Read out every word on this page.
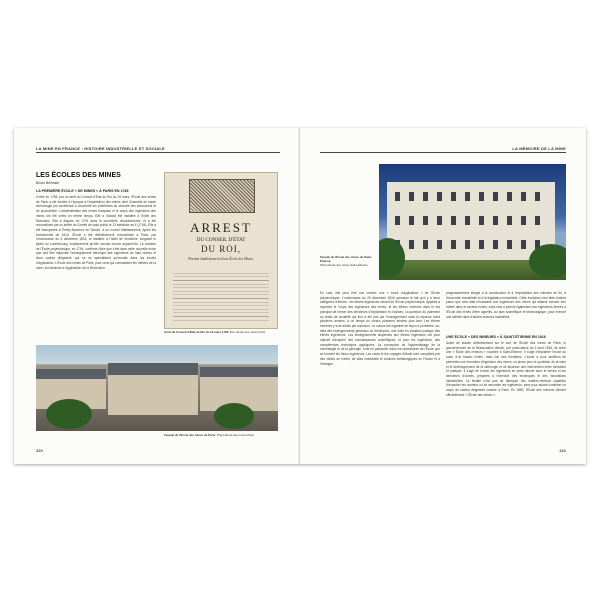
LA MINE EN FRANCE : HISTOIRE INDUSTRIELLE ET SOCIALE
LES ÉCOLES DES MINES
Bruno Belhoste
LA PREMIÈRE ÉCOLE « DE MINES » À PARIS EN 1783
Créée en 1783, par un arrêt du Conseil d'État du Roi du 19 mars, l'École des mines de Paris a été fondée à l'époque à l'exploitation des mines dont l'industrie de haute technologie par excellence a concentré les problèmes du sécurité des personnels et de productivité. L'administration des mines française et le corps des ingénieurs des mines ont été créés en même temps. Elle a d'abord été installée à l'hôtel des Monnaies. Elle a disparu en 1791 dans la tourmente révolutionnaire, et a été reconstituée par un arrêté du Comité de salut public le 13 messidor an II (1794). Elle a été transportée à Pesey-Nancroix en Savoie, à un nouvel établissement. Après les événements de 1814, l'École a été définitivement reconstituée à Paris, par l'ordonnance du 5 décembre 1816, et installée à l'hôtel de Vendôme, longeant le jardin du Luxembourg, emplacement qu'elle occupe encore aujourd'hui. La création de l'École polytechnique, en 1794, confirme l'idée que c'est dans cette nouvelle école que doit être dispensé l'enseignement théorique des ingénieurs de haut niveau et leurs cadres dirigeants, qui ne se spécialisent qu'ensuite dans les écoles d'application. L'École des mines de Paris, pour ceux qui connaissent les métiers de la mine, est destinée à l'application de la Révolution.
ARREST
DU CONSEIL D'ÉTAT
DU ROI,
Portant établissement d'une École des Mines.
Arrêt du Conseil d'État du Roi du 19 mars 1783. Éco. École des mines Paris
Façade de l'École des mines de Paris. Photo École des mines Paris
220
LA MÉMOIRE DE LA MINE
Façade de l'École des mines de Saint-Étienne.
Photo École des mines Saint-Étienne
En cela, elle peut être vue comme une « école d'application » de l'École polytechnique. L'ordonnance du 25 décembre 1816 consacre le fait qu'il y a deux catégories d'élèves : les élèves-ingénieurs venant de l'École polytechnique, appelés à rejoindre le Corps des ingénieurs des mines, et les élèves externes dans le but principal de former des directeurs d'exploitation et d'usines. La question du paiement du droits de scolarité qui leur a été pris par l'enseignement mais la réponse resta plusieurs années, à un temps du cursus plusieurs années plus tard. Les élèves externes y sont admis par concours. Le cursus est organisé de façon à permettre, au-delà des enseignements généraux ou théoriques, une mise en situation pratique des élèves ingénieurs. Les enseignements dispensés aux élèves ingénieurs ont pour objectif d'acquérir des connaissances scientifiques, et pour les ingénieurs, des compétences techniques appliquées. La conception de l'apprentissage de la minéralogie et de la géologie, c'est en particulier dans les laboratoires de l'École que se forment les futurs ingénieurs. Les cours et les voyages d'étude sont complétés par des visites de mines, de sites industriels et d'usines métallurgiques en France et à l'étranger.
progressivement élargie à la construction et à l'exploitation des chemins de fer, à l'économie industrielle et à la législation industrielle. Cette évolution s'est faite d'abord parce que cela était nécessaire aux ingénieurs des mines qui allaient exercer leur métier dans le secteur minier, mais cela a permis également aux ingénieurs formés à l'École des mines d'être appelés, au plan scientifique et technologique, pour exercer une activité dans d'autres secteurs industriels.
UNE ÉCOLE « DES MINEURS » À SAINT-ÉTIENNE EN 1816
Avant de statuer définitivement sur le sort de l'École des mines de Paris, le gouvernement de la Restauration décide, par ordonnance du 2 août 1816, de créer une « École des mineurs » touchée à Saint-Étienne. Il s'agit d'implanter l'école au cœur d'un bassin minier, mais loin des frontières. L'école a pour ambition de permettre une formation d'ingénieur des mines, un phare pour le quotidien de la mine et le développement de la sidérurgie et de favoriser une intervention entre formation et pratique. Il s'agit de former les ingénieurs en prise directe avec le terrain et les directeurs d'usines, préparés à l'exercice des techniques et des innovations industrielles. La finalité n'est pas de fabriquer des maîtres-mineurs capables d'encadrer les ouvriers ou de seconder les ingénieurs, sans pour autant combiner un corps de cadres dirigeants comme à Paris. En 1882, l'École des mineurs devient officiellement « l'École des mines ».
221
